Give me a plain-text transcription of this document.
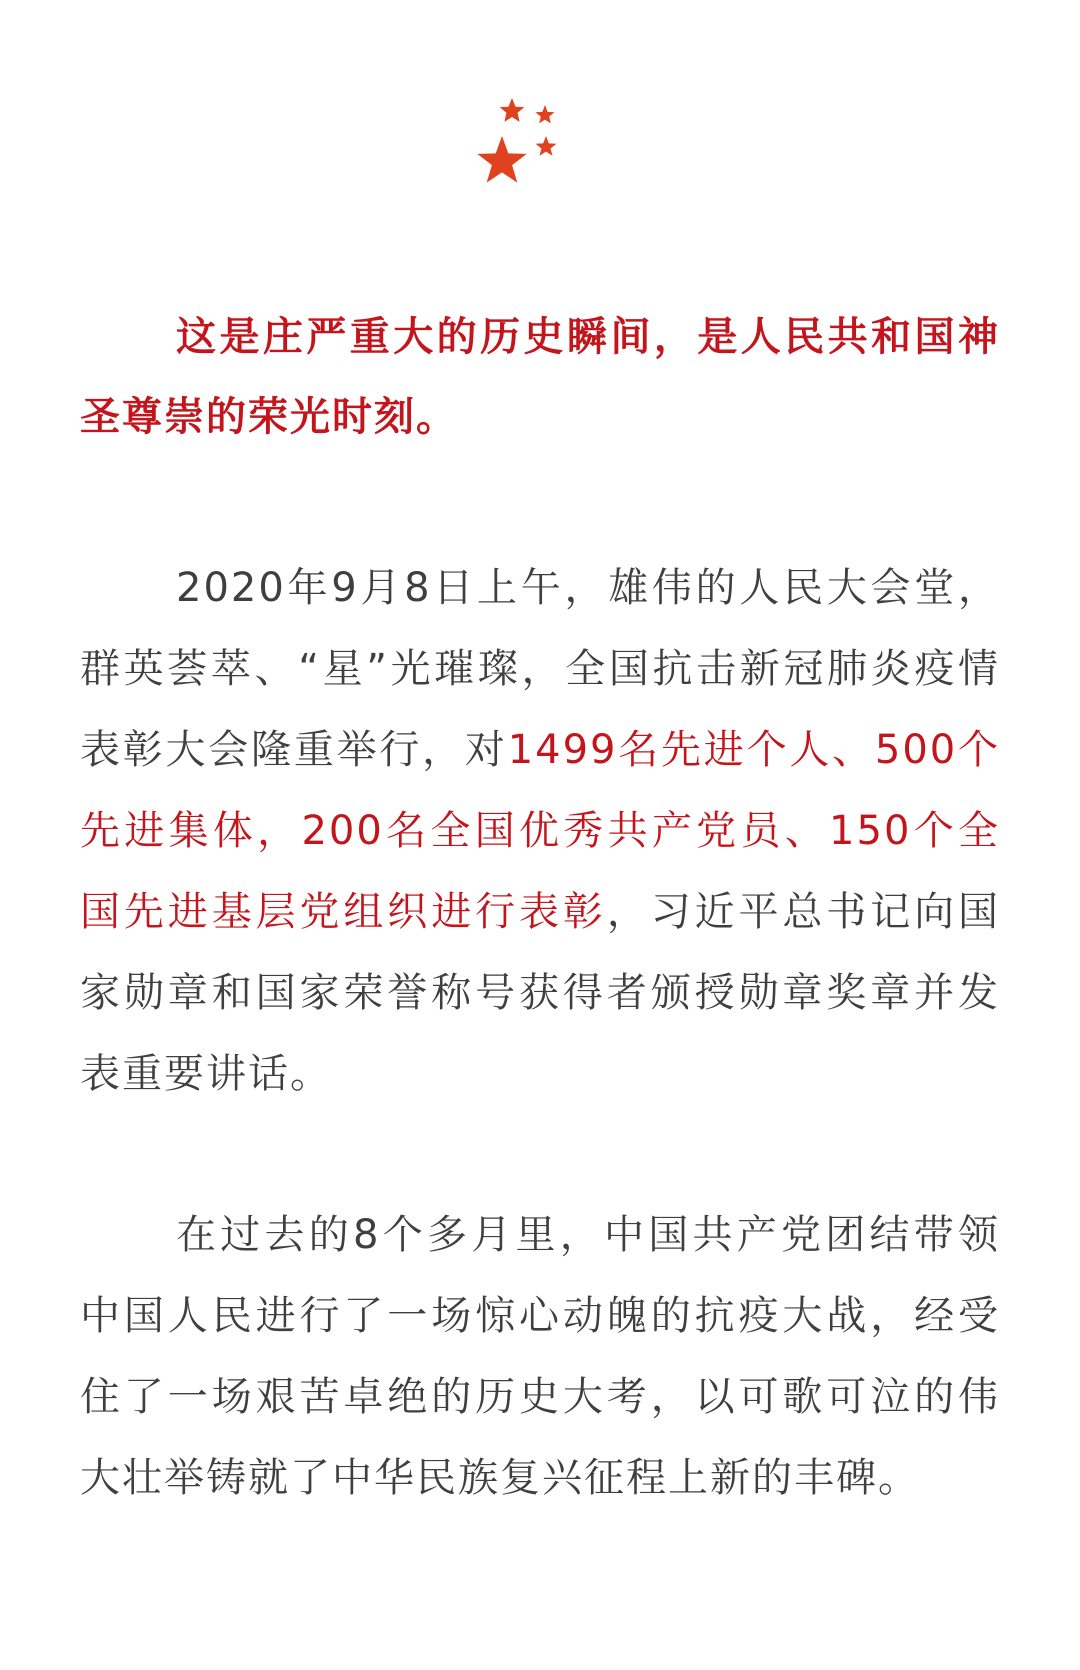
这是庄严重大的历史瞬间，是人民共和国神圣尊崇的荣光时刻。

2020年9月8日上午，雄伟的人民大会堂，群英荟萃、“星”光璀璨，全国抗击新冠肺炎疫情表彰大会隆重举行，对1499名先进个人、500个先进集体，200名全国优秀共产党员、150个全国先进基层党组织进行表彰，习近平总书记向国家勋章和国家荣誉称号获得者颁授勋章奖章并发表重要讲话。

在过去的8个多月里，中国共产党团结带领中国人民进行了一场惊心动魄的抗疫大战，经受住了一场艰苦卓绝的历史大考，以可歌可泣的伟大壮举铸就了中华民族复兴征程上新的丰碑。
